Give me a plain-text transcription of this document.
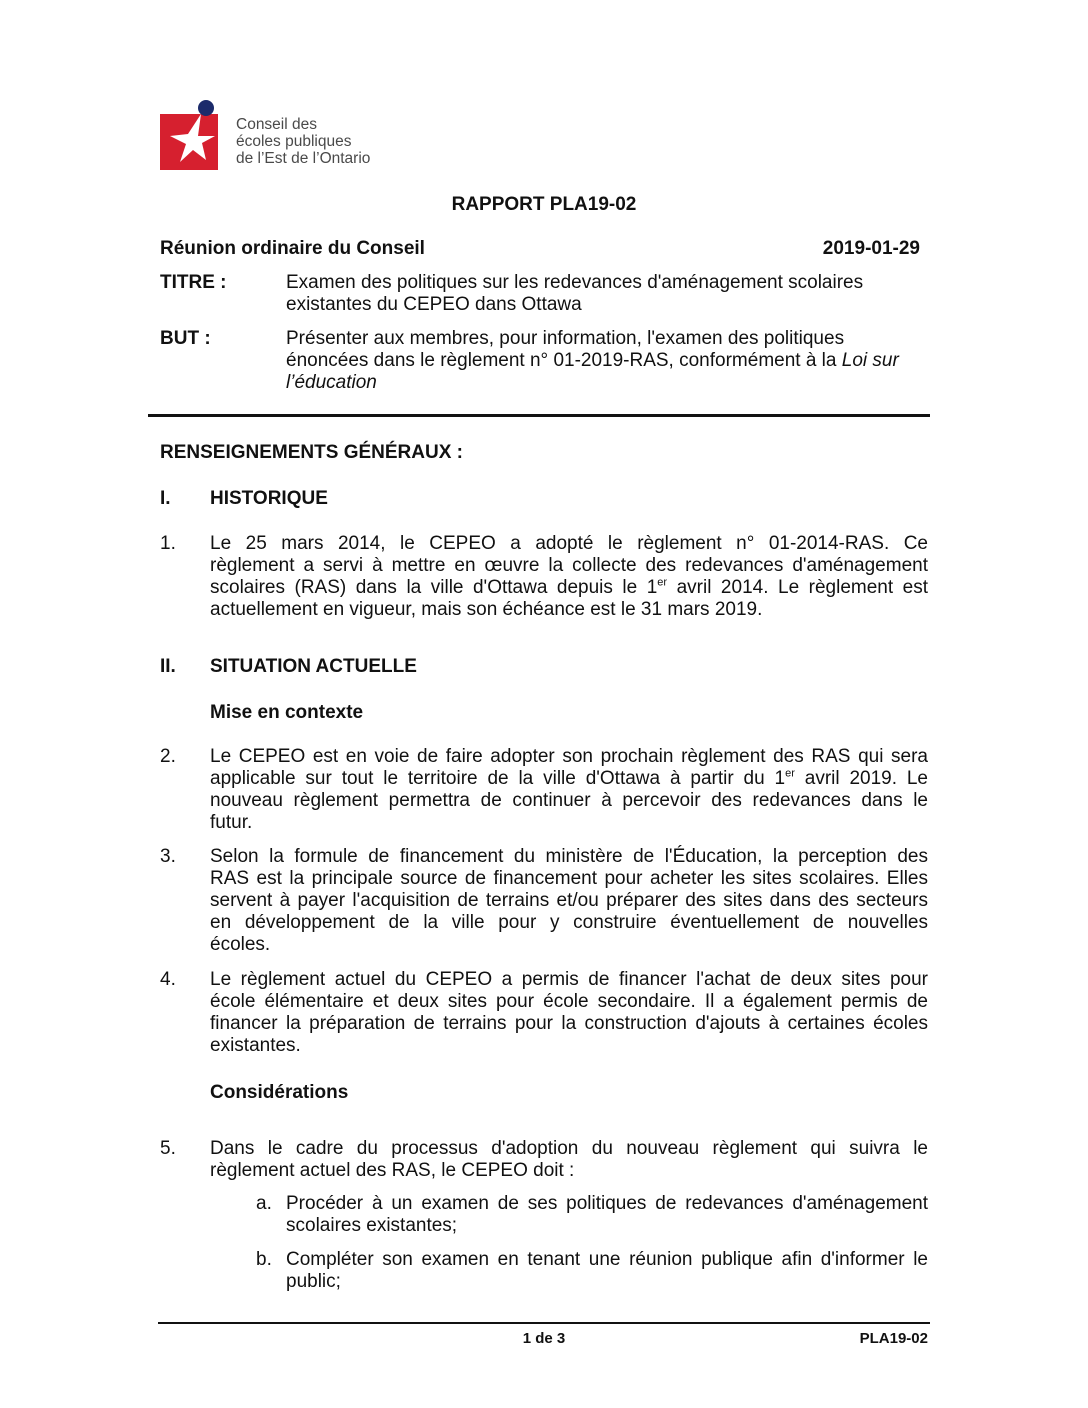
Conseil des
écoles publiques
de l’Est de l’Ontario
RAPPORT PLA19-02
Réunion ordinaire du Conseil	2019-01-29
TITRE :	Examen des politiques sur les redevances d'aménagement scolaires
existantes du CEPEO dans Ottawa
BUT :	Présenter aux membres, pour information, l'examen des politiques
énoncées dans le règlement n° 01-2019-RAS, conformément à la Loi sur
l’éducation
RENSEIGNEMENTS GÉNÉRAUX :
I. HISTORIQUE
1.	Le 25 mars 2014, le CEPEO a adopté le règlement n° 01-2014-RAS. Ce
règlement a servi à mettre en œuvre la collecte des redevances d'aménagement
scolaires (RAS) dans la ville d'Ottawa depuis le 1er avril 2014. Le règlement est
actuellement en vigueur, mais son échéance est le 31 mars 2019.
II. SITUATION ACTUELLE
Mise en contexte
2.	Le CEPEO est en voie de faire adopter son prochain règlement des RAS qui sera
applicable sur tout le territoire de la ville d'Ottawa à partir du 1er avril 2019. Le
nouveau règlement permettra de continuer à percevoir des redevances dans le
futur.
3.	Selon la formule de financement du ministère de l'Éducation, la perception des
RAS est la principale source de financement pour acheter les sites scolaires. Elles
servent à payer l'acquisition de terrains et/ou préparer des sites dans des secteurs
en développement de la ville pour y construire éventuellement de nouvelles
écoles.
4.	Le règlement actuel du CEPEO a permis de financer l'achat de deux sites pour
école élémentaire et deux sites pour école secondaire. Il a également permis de
financer la préparation de terrains pour la construction d'ajouts à certaines écoles
existantes.
Considérations
5.	Dans le cadre du processus d'adoption du nouveau règlement qui suivra le
règlement actuel des RAS, le CEPEO doit :
a. Procéder à un examen de ses politiques de redevances d'aménagement
scolaires existantes;
b. Compléter son examen en tenant une réunion publique afin d'informer le
public;
1 de 3	PLA19-02
